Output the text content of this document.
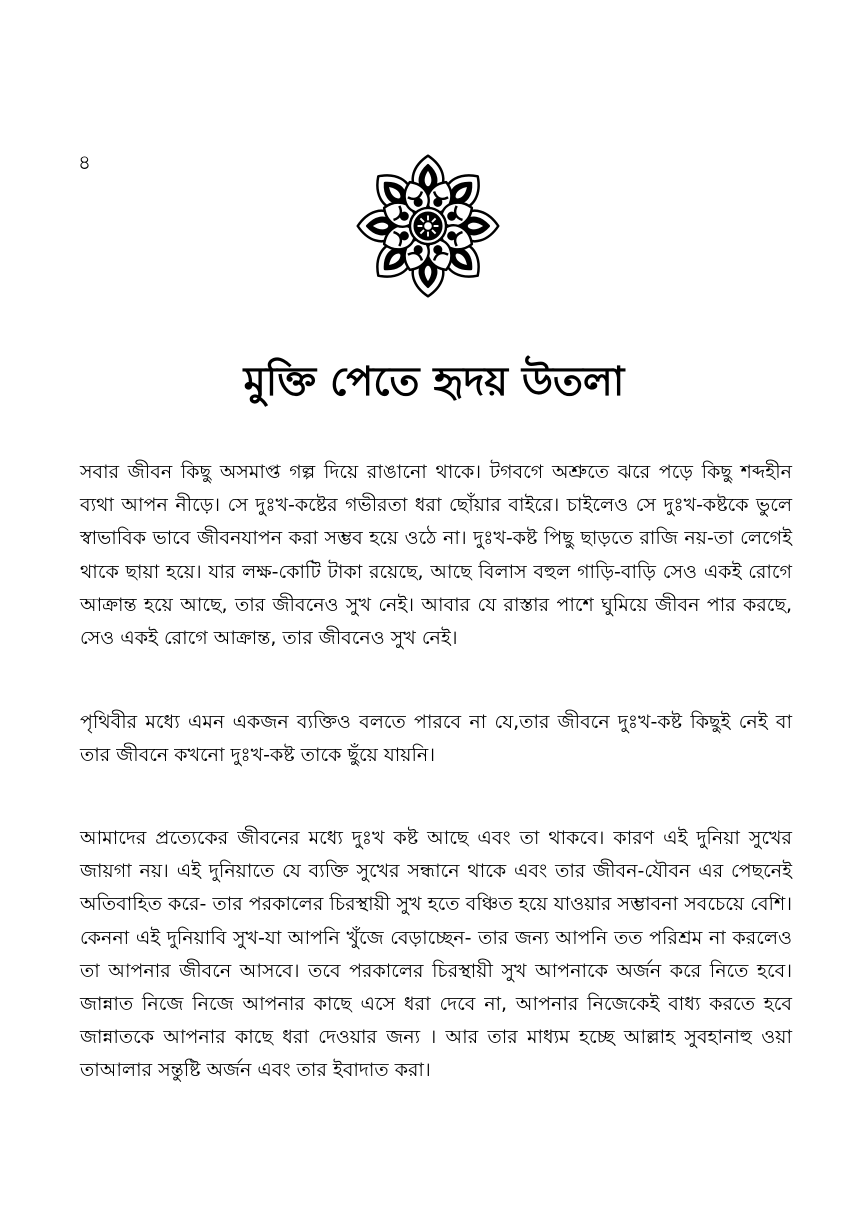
৪
মুক্তি পেতে হৃদয় উতলা

সবার জীবন কিছু অসমাপ্ত গল্প দিয়ে রাঙানো থাকে। টগবগে অশ্রুতে ঝরে পড়ে কিছু শব্দহীন ব্যথা আপন নীড়ে। সে দুঃখ-কষ্টের গভীরতা ধরা ছোঁয়ার বাইরে। চাইলেও সে দুঃখ-কষ্টকে ভুলে স্বাভাবিক ভাবে জীবনযাপন করা সম্ভব হয়ে ওঠে না। দুঃখ-কষ্ট পিছু ছাড়তে রাজি নয়-তা লেগেই থাকে ছায়া হয়ে। যার লক্ষ-কোটি টাকা রয়েছে, আছে বিলাস বহুল গাড়ি-বাড়ি সেও একই রোগে আক্রান্ত হয়ে আছে, তার জীবনেও সুখ নেই। আবার যে রাস্তার পাশে ঘুমিয়ে জীবন পার করছে, সেও একই রোগে আক্রান্ত, তার জীবনেও সুখ নেই।

পৃথিবীর মধ্যে এমন একজন ব্যক্তিও বলতে পারবে না যে,তার জীবনে দুঃখ-কষ্ট কিছুই নেই বা তার জীবনে কখনো দুঃখ-কষ্ট তাকে ছুঁয়ে যায়নি।

আমাদের প্রত্যেকের জীবনের মধ্যে দুঃখ কষ্ট আছে এবং তা থাকবে। কারণ এই দুনিয়া সুখের জায়গা নয়। এই দুনিয়াতে যে ব্যক্তি সুখের সন্ধানে থাকে এবং তার জীবন-যৌবন এর পেছনেই অতিবাহিত করে- তার পরকালের চিরস্থায়ী সুখ হতে বঞ্চিত হয়ে যাওয়ার সম্ভাবনা সবচেয়ে বেশি। কেননা এই দুনিয়াবি সুখ-যা আপনি খুঁজে বেড়াচ্ছেন- তার জন্য আপনি তত পরিশ্রম না করলেও তা আপনার জীবনে আসবে। তবে পরকালের চিরস্থায়ী সুখ আপনাকে অর্জন করে নিতে হবে। জান্নাত নিজে নিজে আপনার কাছে এসে ধরা দেবে না, আপনার নিজেকেই বাধ্য করতে হবে জান্নাতকে আপনার কাছে ধরা দেওয়ার জন্য । আর তার মাধ্যম হচ্ছে আল্লাহ সুবহানাহু ওয়া তাআলার সন্তুষ্টি অর্জন এবং তার ইবাদাত করা।
